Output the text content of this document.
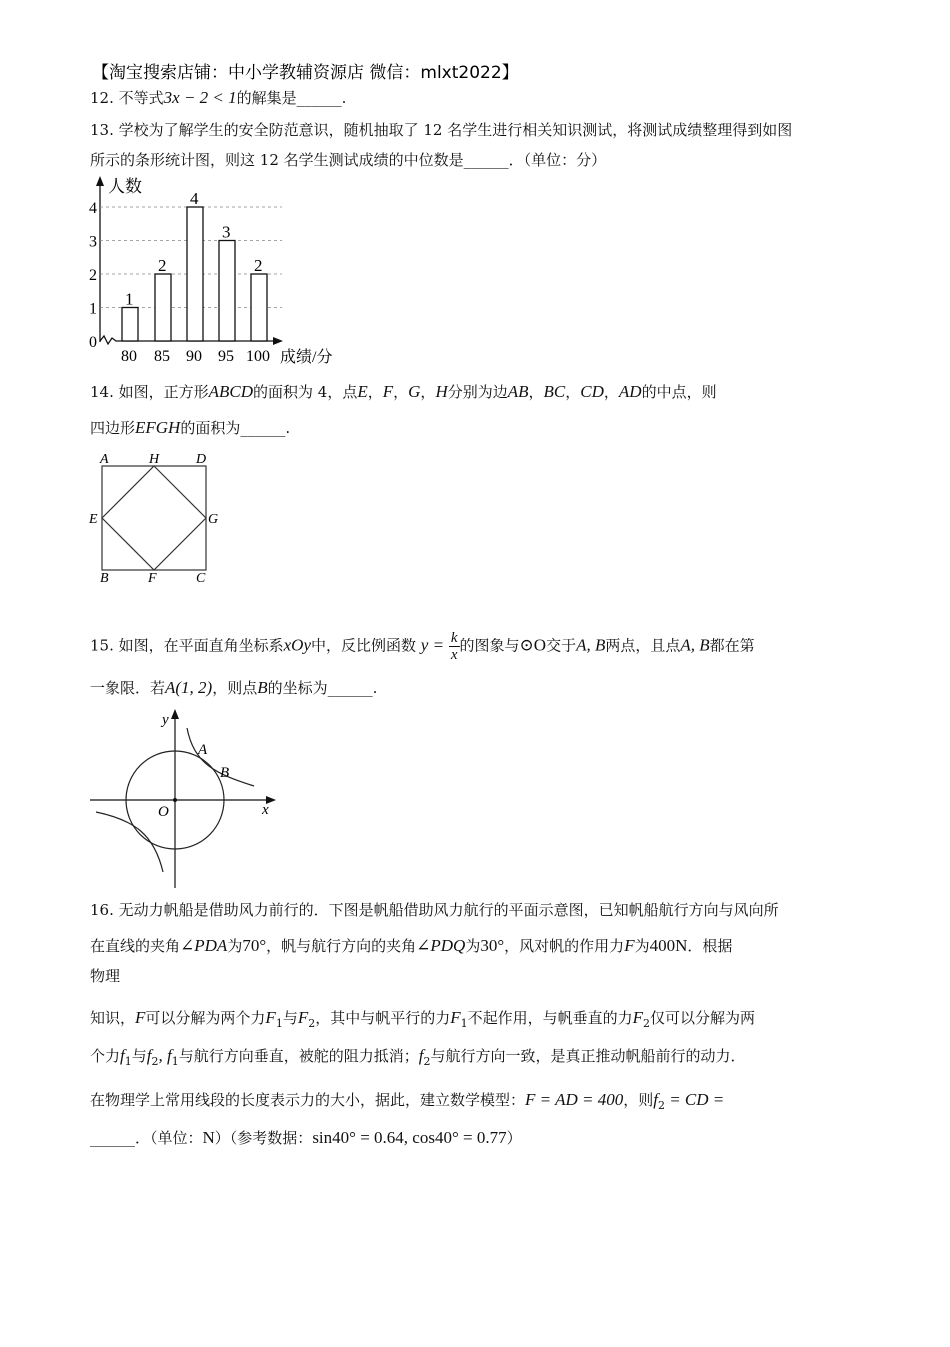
【淘宝搜索店铺：中小学教辅资源店 微信：mlxt2022】
12. 不等式3x − 2 < 1的解集是______.
13. 学校为了解学生的安全防范意识，随机抽取了 12 名学生进行相关知识测试，将测试成绩整理得到如图
所示的条形统计图，则这 12 名学生测试成绩的中位数是______．（单位：分）
人数
成绩/分
0
1
2
3
4
1
80
2
85
4
90
3
95
2
100
14. 如图，正方形ABCD的面积为 4，点E，F，G，H分别为边AB，BC，CD，AD的中点，则
四边形EFGH的面积为______.
A	H	D
E	G
B	F	C
15. 如图，在平面直角坐标系xOy中，反比例函数 $y = \frac{k}{x}$ 的图象与⊙O交于A, B两点，且点A, B都在第
一象限．若A(1, 2)，则点B的坐标为______.
y
x
O
A
B
16. 无动力帆船是借助风力前行的．下图是帆船借助风力航行的平面示意图，已知帆船航行方向与风向所
在直线的夹角∠PDA为70°，帆与航行方向的夹角∠PDQ为30°，风对帆的作用力F为400N．根据
物理
知识，F可以分解为两个力$F_1$与$F_2$，其中与帆平行的力$F_1$不起作用，与帆垂直的力$F_2$仅可以分解为两
个力$f_1$与$f_2$, $f_1$与航行方向垂直，被舵的阻力抵消；$f_2$与航行方向一致，是真正推动帆船前行的动力．
在物理学上常用线段的长度表示力的大小，据此，建立数学模型：F = AD = 400，则$f_2$ = CD =
______．（单位：N）（参考数据：sin40° = 0.64, cos40° = 0.77）
